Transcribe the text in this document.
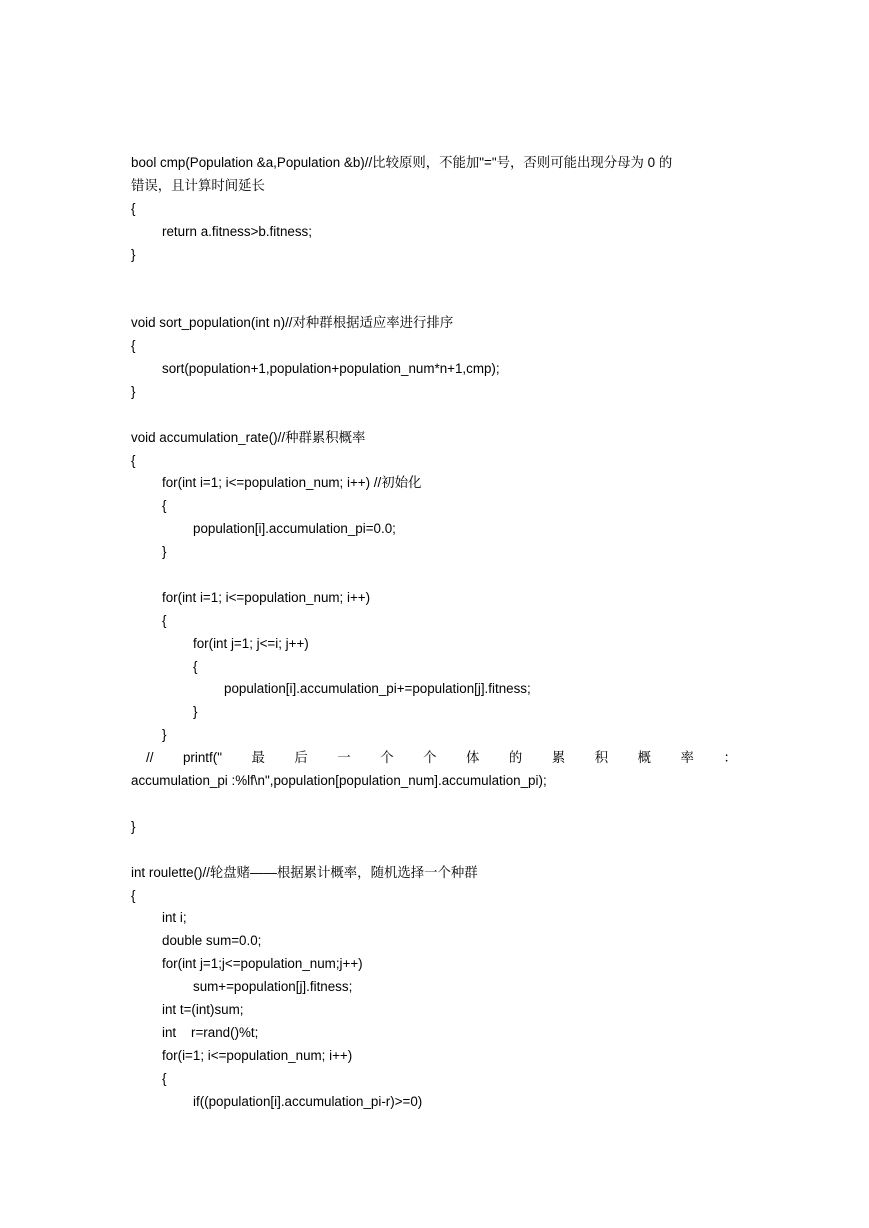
bool cmp(Population &a,Population &b)//比较原则，不能加"="号，否则可能出现分母为 0 的
错误，且计算时间延长
{
return a.fitness>b.fitness;
}
void sort_population(int n)//对种群根据适应率进行排序
{
sort(population+1,population+population_num*n+1,cmp);
}
void accumulation_rate()//种群累积概率
{
for(int i=1; i<=population_num; i++) //初始化
{
population[i].accumulation_pi=0.0;
}
for(int i=1; i<=population_num; i++)
{
for(int j=1; j<=i; j++)
{
population[i].accumulation_pi+=population[j].fitness;
}
}
// printf(" 最 后 一 个 个 体 的 累 积 概 率 ：
accumulation_pi :%lf\n",population[population_num].accumulation_pi);
}
int roulette()//轮盘赌——根据累计概率，随机选择一个种群
{
int i;
double sum=0.0;
for(int j=1;j<=population_num;j++)
sum+=population[j].fitness;
int t=(int)sum;
int    r=rand()%t;
for(i=1; i<=population_num; i++)
{
if((population[i].accumulation_pi-r)>=0)
